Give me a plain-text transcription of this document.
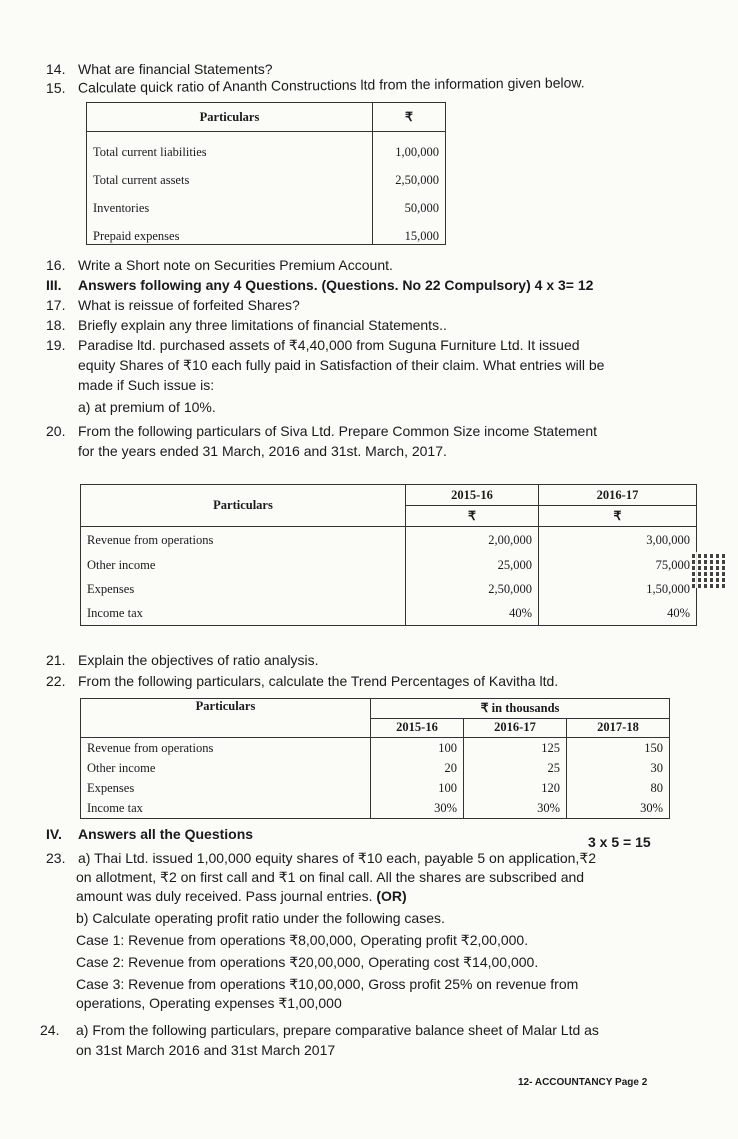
14. What are financial Statements?
15. Calculate quick ratio of Ananth Constructions ltd from the information given below.
Particulars	₹
Total current liabilities	1,00,000
Total current assets	2,50,000
Inventories	50,000
Prepaid expenses	15,000
16. Write a Short note on Securities Premium Account.
III. Answers following any 4 Questions. (Questions. No 22 Compulsory) 4 x 3= 12
17. What is reissue of forfeited Shares?
18. Briefly explain any three limitations of financial Statements..
19. Paradise ltd. purchased assets of ₹4,40,000 from Suguna Furniture Ltd. It issued
equity Shares of ₹10 each fully paid in Satisfaction of their claim. What entries will be
made if Such issue is:
a) at premium of 10%.
20. From the following particulars of Siva Ltd. Prepare Common Size income Statement
for the years ended 31 March, 2016 and 31st. March, 2017.
Particulars	2015-16	2016-17
	₹	₹
Revenue from operations	2,00,000	3,00,000
Other income	25,000	75,000
Expenses	2,50,000	1,50,000
Income tax	40%	40%
21. Explain the objectives of ratio analysis.
22. From the following particulars, calculate the Trend Percentages of Kavitha ltd.
Particulars	₹ in thousands		
	2015-16	2016-17	2017-18
Revenue from operations	100	125	150
Other income	20	25	30
Expenses	100	120	80
Income tax	30%	30%	30%
IV. Answers all the Questions	3 x 5 = 15
23. a) Thai Ltd. issued 1,00,000 equity shares of ₹10 each, payable 5 on application,₹2
on allotment, ₹2 on first call and ₹1 on final call. All the shares are subscribed and
amount was duly received. Pass journal entries. (OR)
b) Calculate operating profit ratio under the following cases.
Case 1: Revenue from operations ₹8,00,000, Operating profit ₹2,00,000.
Case 2: Revenue from operations ₹20,00,000, Operating cost ₹14,00,000.
Case 3: Revenue from operations ₹10,00,000, Gross profit 25% on revenue from
operations, Operating expenses ₹1,00,000
24. a) From the following particulars, prepare comparative balance sheet of Malar Ltd as
on 31st March 2016 and 31st March 2017
12- ACCOUNTANCY Page 2
